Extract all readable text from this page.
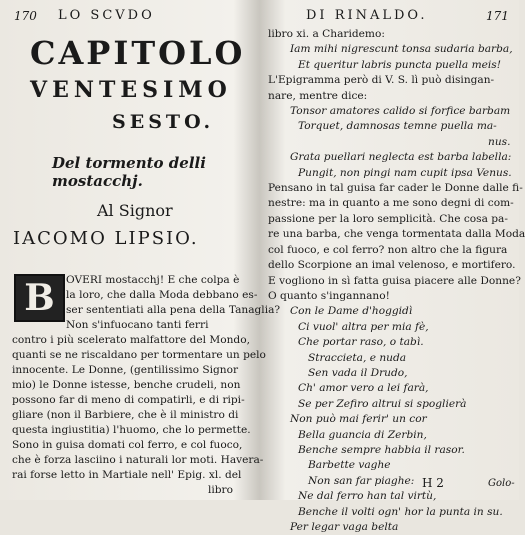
170 LO SCVDO
CAPITOLO
VENTESIMO
SESTO.
Del tormento delli mostacchj.
Al Signor
IACOMO LIPSIO.
B	OVERI mostacchj! E che colpa è
la loro, che dalla Moda debbano es-
ser sententiati alla pena della Tanaglia?
Non s'infuocano tanti ferri
contro i più scelerato malfattore del Mondo,
quanti se ne riscaldano per tormentare un pelo
innocente. Le Donne, (gentilissimo Signor
mio) le Donne istesse, benche crudeli, non
possono far di meno di compatirli, e di ripi-
gliare (non il Barbiere, che è il ministro di
questa ingiustitia) l'huomo, che lo permette.
Sono in guisa domati col ferro, e col fuoco,
che è forza lasciino i naturali lor moti. Havera-
rai forse letto in Martiale nell' Epig. xl. del
libro
DI RINALDO.	171
libro xi. a Charidemo:
Iam mihi nigrescunt tonsa sudaria barba,
Et queritur labris puncta puella meis!
L'Epigramma però di V. S. lì può disingan-
nare, mentre dice:
Tonsor amatores calido si forfice barbam
Torquet, damnosas temne puella ma-
nus.
Grata puellari neglecta est barba labella:
Pungit, non pingi nam cupit ipsa Venus.
Pensano in tal guisa far cader le Donne dalle fi-
nestre: ma in quanto a me sono degni di com-
passione per la loro semplicità. Che cosa pa-
re una barba, che venga tormentata dalla Moda
col fuoco, e col ferro? non altro che la figura
dello Scorpione an imal velenoso, e mortifero.
E vogliono in sì fatta guisa piacere alle Donne?
O quanto s'ingannano!
Con le Dame d'hoggidì
Ci vuol' altra per mia fè,
Che portar raso, o tabì.
Straccieta, e nuda
Sen vada il Drudo,
Ch' amor vero a lei farà,
Se per Zefiro altrui si spoglierà
Non può mai ferir' un cor
Bella guancia di Zerbin,
Benche sempre habbia il rasor.
Barbette vaghe
Non san far piaghe:
Ne dal ferro han tal virtù,
Benche il volti ogn' hor la punta in su.
Per legar vaga belta
H 2	Golo-
